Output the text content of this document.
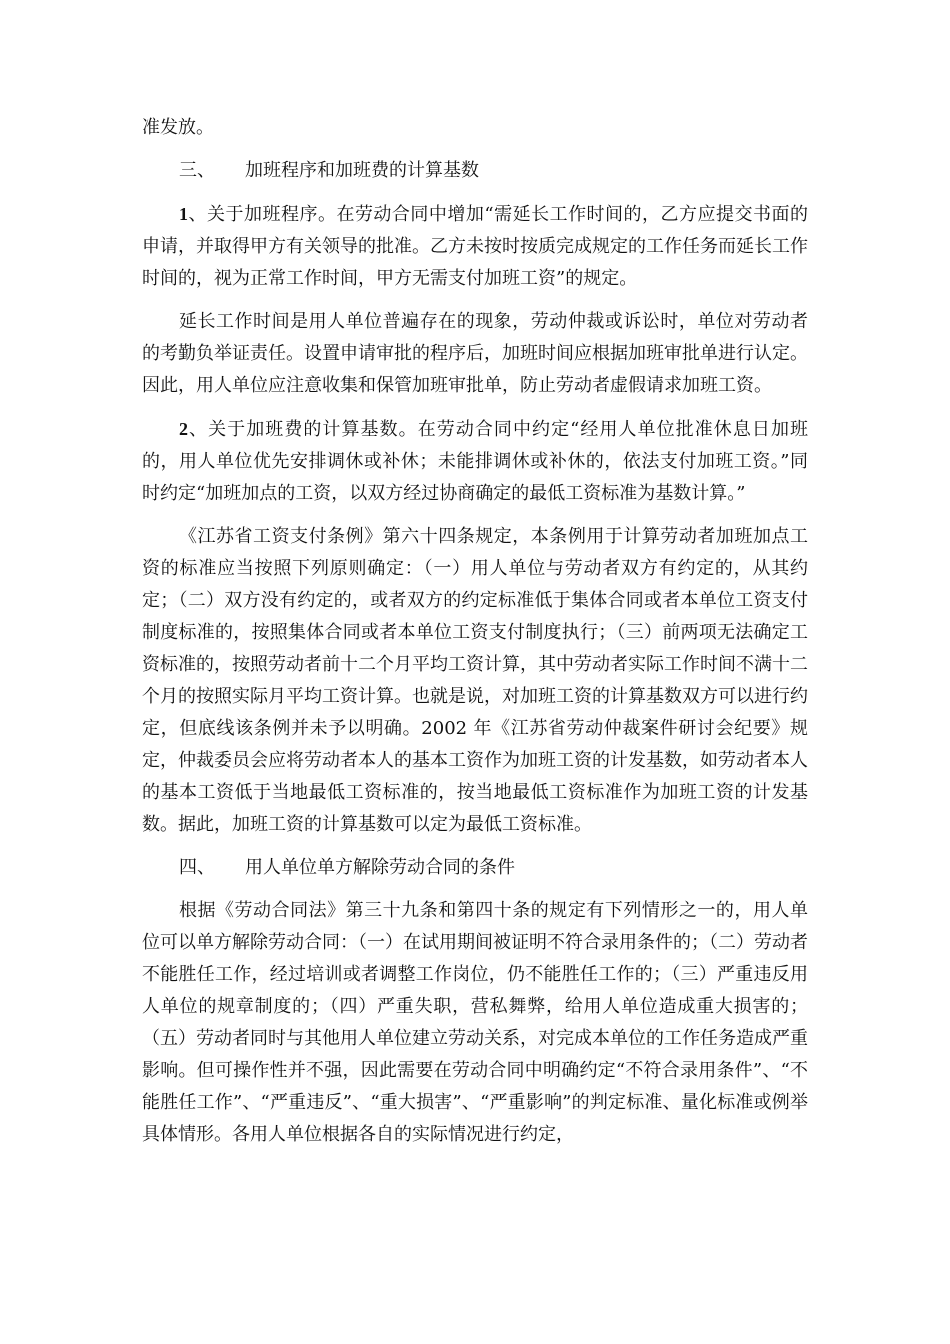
准发放。

三、 加班程序和加班费的计算基数

1、关于加班程序。在劳动合同中增加“需延长工作时间的，乙方应提交书面的申请，并取得甲方有关领导的批准。乙方未按时按质完成规定的工作任务而延长工作时间的，视为正常工作时间，甲方无需支付加班工资”的规定。

延长工作时间是用人单位普遍存在的现象，劳动仲裁或诉讼时，单位对劳动者的考勤负举证责任。设置申请审批的程序后，加班时间应根据加班审批单进行认定。因此，用人单位应注意收集和保管加班审批单，防止劳动者虚假请求加班工资。

2、关于加班费的计算基数。在劳动合同中约定“经用人单位批准休息日加班的，用人单位优先安排调休或补休；未能排调休或补休的，依法支付加班工资。”同时约定“加班加点的工资，以双方经过协商确定的最低工资标准为基数计算。”

《江苏省工资支付条例》第六十四条规定，本条例用于计算劳动者加班加点工资的标准应当按照下列原则确定：（一）用人单位与劳动者双方有约定的，从其约定；（二）双方没有约定的，或者双方的约定标准低于集体合同或者本单位工资支付制度标准的，按照集体合同或者本单位工资支付制度执行；（三）前两项无法确定工资标准的，按照劳动者前十二个月平均工资计算，其中劳动者实际工作时间不满十二个月的按照实际月平均工资计算。也就是说，对加班工资的计算基数双方可以进行约定，但底线该条例并未予以明确。2002 年《江苏省劳动仲裁案件研讨会纪要》规定，仲裁委员会应将劳动者本人的基本工资作为加班工资的计发基数，如劳动者本人的基本工资低于当地最低工资标准的，按当地最低工资标准作为加班工资的计发基数。据此，加班工资的计算基数可以定为最低工资标准。

四、 用人单位单方解除劳动合同的条件

根据《劳动合同法》第三十九条和第四十条的规定有下列情形之一的，用人单位可以单方解除劳动合同：（一）在试用期间被证明不符合录用条件的；（二）劳动者不能胜任工作，经过培训或者调整工作岗位，仍不能胜任工作的；（三）严重违反用人单位的规章制度的；（四）严重失职，营私舞弊，给用人单位造成重大损害的；（五）劳动者同时与其他用人单位建立劳动关系，对完成本单位的工作任务造成严重影响。但可操作性并不强，因此需要在劳动合同中明确约定“不符合录用条件”、“不能胜任工作”、“严重违反”、“重大损害”、“严重影响”的判定标准、量化标准或例举具体情形。各用人单位根据各自的实际情况进行约定，
